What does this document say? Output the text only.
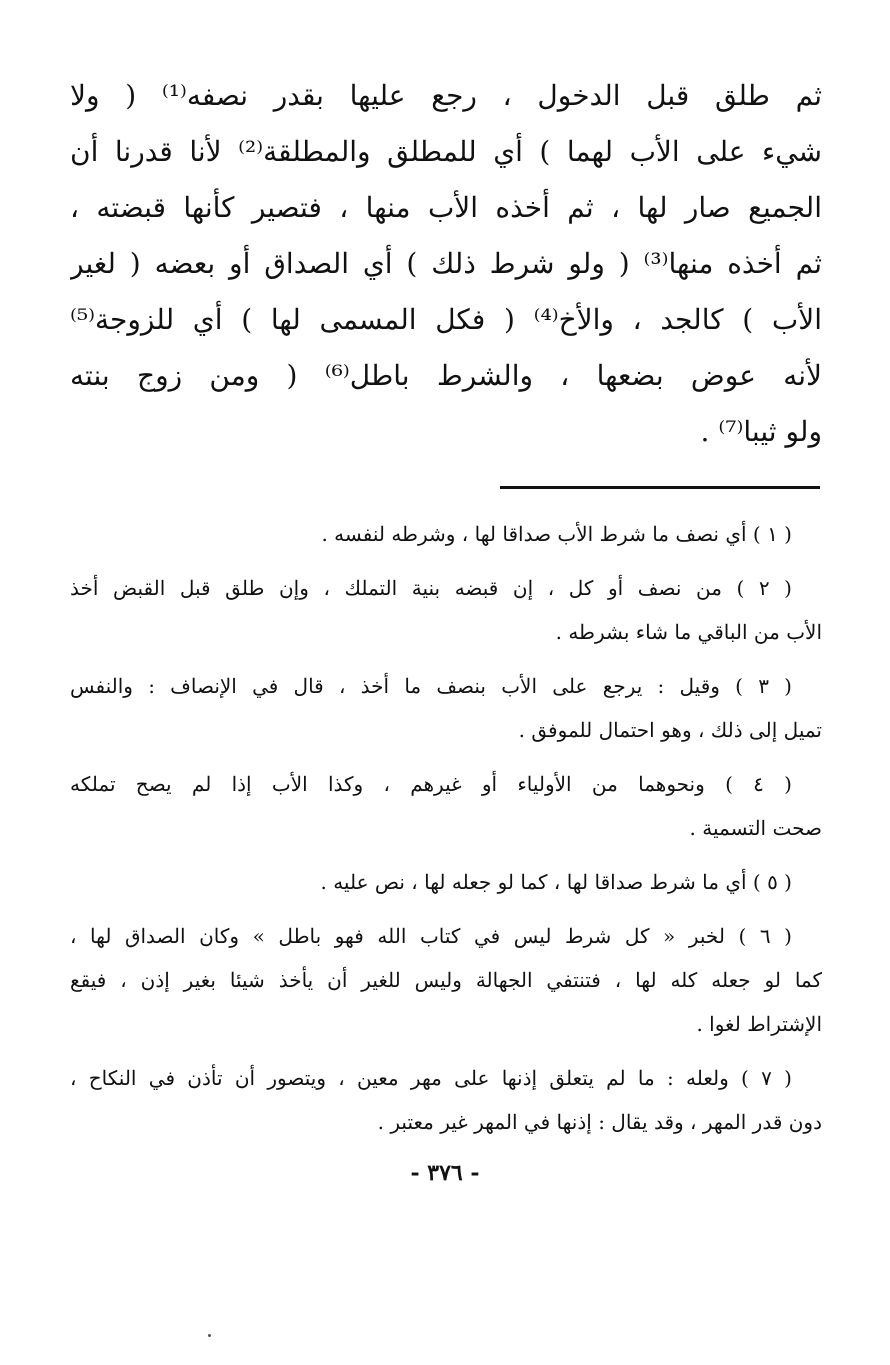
ثم طلق قبل الدخول ، رجع عليها بقدر نصفه⁽¹⁾ ( ولا
شيء على الأب لهما ) أي للمطلق والمطلقة⁽²⁾ لأنا قدرنا أن
الجميع صار لها ، ثم أخذه الأب منها ، فتصير كأنها قبضته ،
ثم أخذه منها⁽³⁾ ( ولو شرط ذلك ) أي الصداق أو بعضه ( لغير
الأب ) كالجد ، والأخ⁽⁴⁾ ( فكل المسمى لها ) أي للزوجة⁽⁵⁾
لأنه عوض بضعها ، والشرط باطل⁽⁶⁾ ( ومن زوج بنته
ولو ثيبا⁽⁷⁾ .
( ١ ) أي نصف ما شرط الأب صداقا لها ، وشرطه لنفسه .
( ٢ ) من نصف أو كل ، إن قبضه بنية التملك ، وإن طلق قبل القبض أخذ
الأب من الباقي ما شاء بشرطه .
( ٣ ) وقيل : يرجع على الأب بنصف ما أخذ ، قال في الإنصاف : والنفس
تميل إلى ذلك ، وهو احتمال للموفق .
( ٤ ) ونحوهما من الأولياء أو غيرهم ، وكذا الأب إذا لم يصح تملكه
صحت التسمية .
( ٥ ) أي ما شرط صداقا لها ، كما لو جعله لها ، نص عليه .
( ٦ ) لخبر « كل شرط ليس في كتاب الله فهو باطل » وكان الصداق لها ،
كما لو جعله كله لها ، فتنتفي الجهالة وليس للغير أن يأخذ شيئا بغير إذن ، فيقع
الإشتراط لغوا .
( ٧ ) ولعله : ما لم يتعلق إذنها على مهر معين ، ويتصور أن تأذن في النكاح ،
دون قدر المهر ، وقد يقال : إذنها في المهر غير معتبر .
- ٣٧٦ -
